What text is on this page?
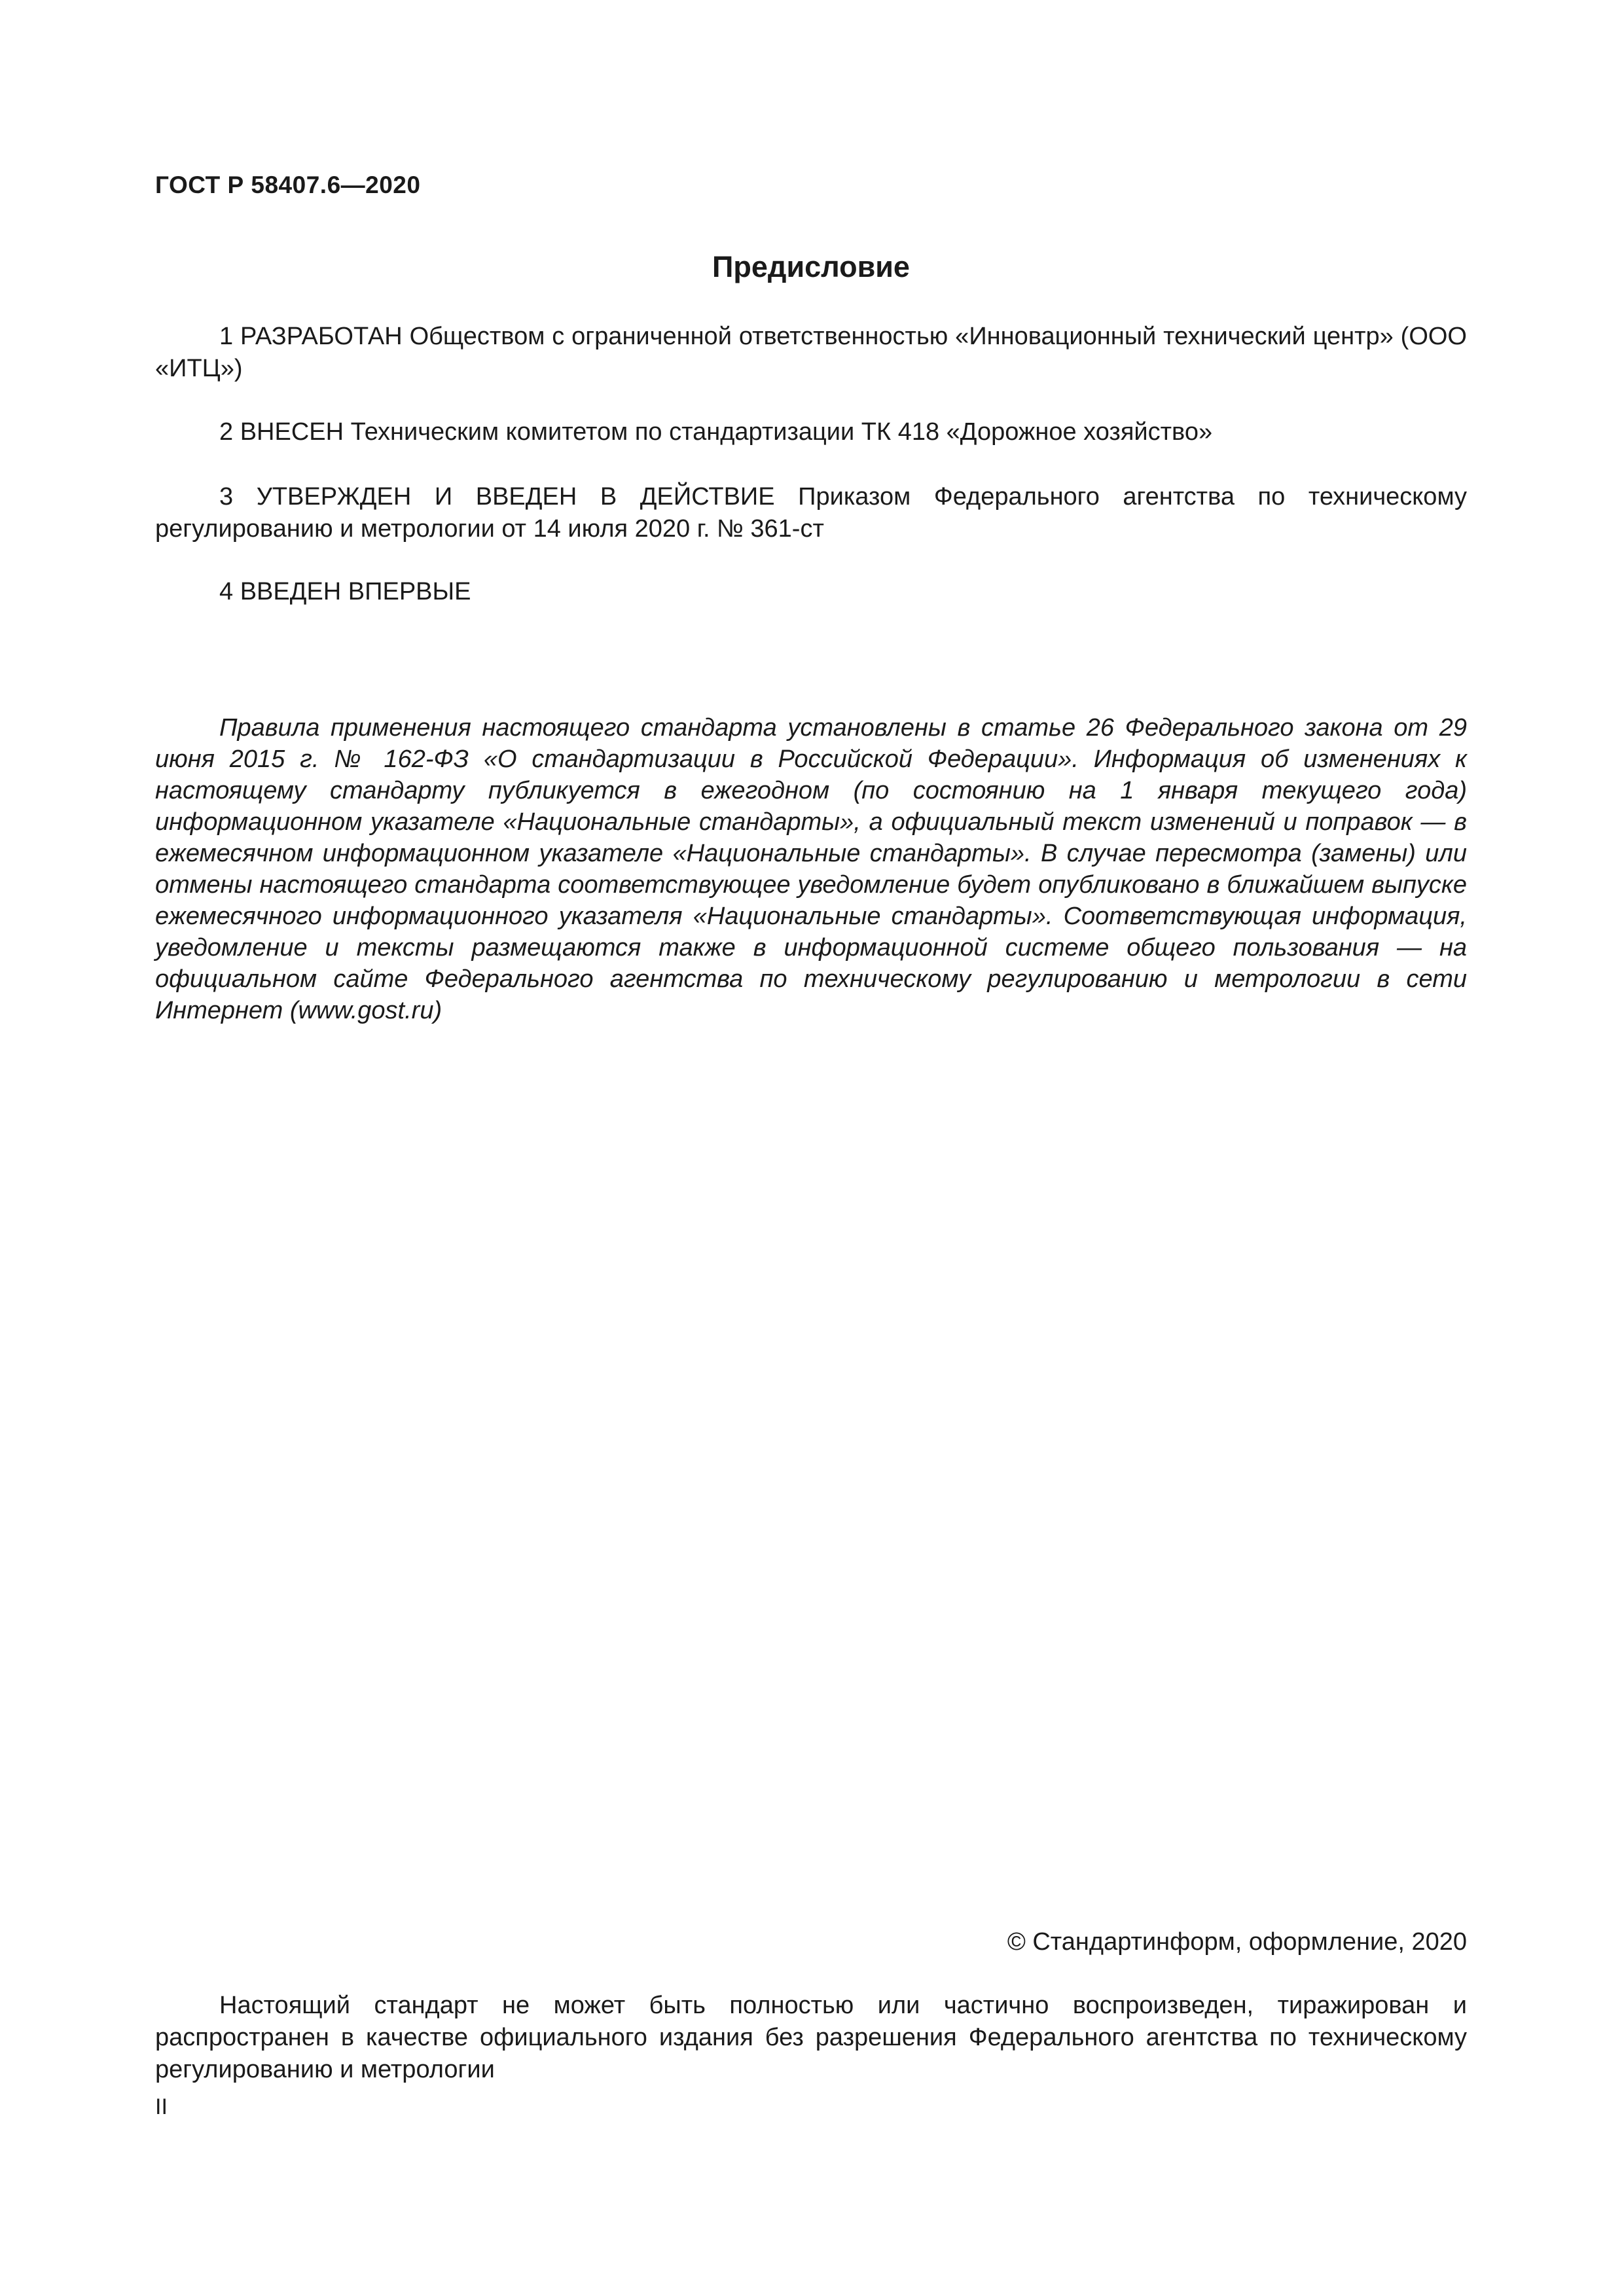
ГОСТ Р 58407.6—2020
Предисловие

1 РАЗРАБОТАН Обществом с ограниченной ответственностью «Инновационный технический центр» (ООО «ИТЦ»)

2 ВНЕСЕН Техническим комитетом по стандартизации ТК 418 «Дорожное хозяйство»

3 УТВЕРЖДЕН И ВВЕДЕН В ДЕЙСТВИЕ Приказом Федерального агентства по техническому регулированию и метрологии от 14 июля 2020 г. № 361-ст

4 ВВЕДЕН ВПЕРВЫЕ

Правила применения настоящего стандарта установлены в статье 26 Федерального закона от 29 июня 2015 г. № 162-ФЗ «О стандартизации в Российской Федерации». Информация об изменениях к настоящему стандарту публикуется в ежегодном (по состоянию на 1 января текущего года) информационном указателе «Национальные стандарты», а официальный текст изменений и поправок — в ежемесячном информационном указателе «Национальные стандарты». В случае пересмотра (замены) или отмены настоящего стандарта соответствующее уведомление будет опубликовано в ближайшем выпуске ежемесячного информационного указателя «Национальные стандарты». Соответствующая информация, уведомление и тексты размещаются также в информационной системе общего пользования — на официальном сайте Федерального агентства по техническому регулированию и метрологии в сети Интернет (www.gost.ru)

© Стандартинформ, оформление, 2020

Настоящий стандарт не может быть полностью или частично воспроизведен, тиражирован и распространен в качестве официального издания без разрешения Федерального агентства по техническому регулированию и метрологии

II
